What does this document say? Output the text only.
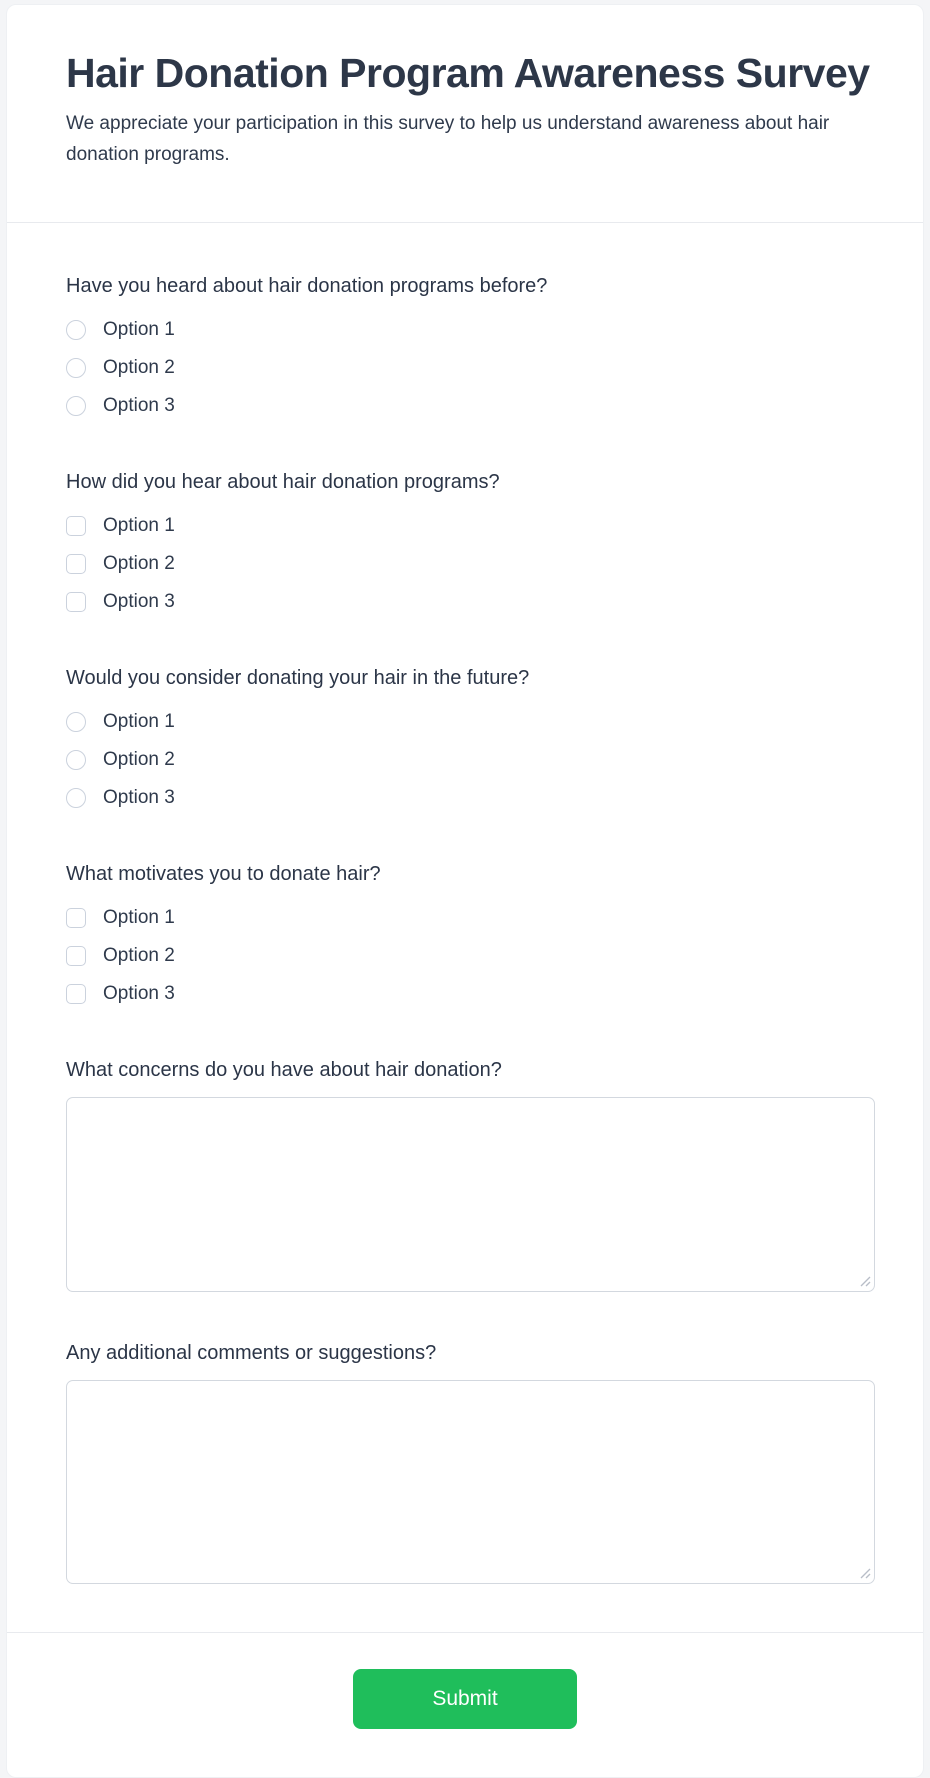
Hair Donation Program Awareness Survey

We appreciate your participation in this survey to help us understand awareness about hair donation programs.

Have you heard about hair donation programs before?

Option 1
Option 2
Option 3

How did you hear about hair donation programs?

Option 1
Option 2
Option 3

Would you consider donating your hair in the future?

Option 1
Option 2
Option 3

What motivates you to donate hair?

Option 1
Option 2
Option 3

What concerns do you have about hair donation?

Any additional comments or suggestions?

Submit
